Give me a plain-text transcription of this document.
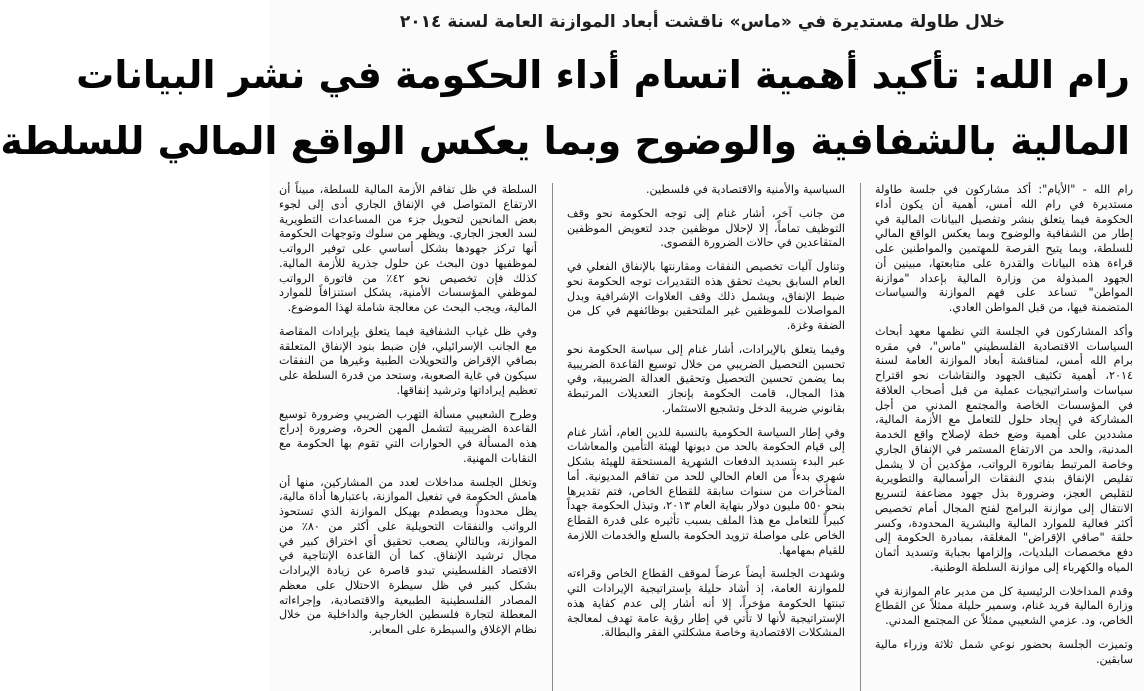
خلال طاولة مستديرة في «ماس» ناقشت أبعاد الموازنة العامة لسنة ٢٠١٤
رام الله: تأكيد أهمية اتسام أداء الحكومة في نشر البيانات
المالية بالشفافية والوضوح وبما يعكس الواقع المالي للسلطة

رام الله - "الأيام": أكد مشاركون في جلسة طاولة مستديرة في رام الله أمس، أهمية أن يكون أداء الحكومة فيما يتعلق بنشر وتفصيل البيانات المالية في إطار من الشفافية والوضوح وبما يعكس الواقع المالي للسلطة، وبما يتيح الفرصة للمهتمين والمواطنين على قراءة هذه البيانات والقدرة على متابعتها، مبينين أن الجهود المبذولة من وزارة المالية بإعداد "موازنة المواطن" تساعد على فهم الموازنة والسياسات المتضمنة فيها، من قبل المواطن العادي.

وأكد المشاركون في الجلسة التي نظمها معهد أبحاث السياسات الاقتصادية الفلسطيني "ماس"، في مقره برام الله أمس، لمناقشة أبعاد الموازنة العامة لسنة ٢٠١٤، أهمية تكثيف الجهود والنقاشات نحو اقتراح سياسات واستراتيجيات عملية من قبل أصحاب العلاقة في المؤسسات الخاصة والمجتمع المدني من أجل المشاركة في إيجاد حلول للتعامل مع الأزمة المالية، مشددين على أهمية وضع خطة لإصلاح واقع الخدمة المدنية، والحد من الارتفاع المستمر في الإنفاق الجاري وخاصة المرتبط بفاتورة الرواتب، مؤكدين أن لا يشمل تقليص الإنفاق بندي النفقات الرأسمالية والتطويرية لتقليص العجز، وضرورة بذل جهود مضاعفة لتسريع الانتقال إلى موازنة البرامج لفتح المجال أمام تخصيص أكثر فعالية للموارد المالية والبشرية المحدودة، وكسر حلقة "صافي الإقراض" المغلقة، بمبادرة الحكومة إلى دفع مخصصات البلديات، وإلزامها بجباية وتسديد أثمان المياه والكهرباء إلى موازنة السلطة الوطنية.

وقدم المداخلات الرئيسية كل من مدير عام الموازنة في وزارة المالية فريد غنام، وسمير حليلة ممثلاً عن القطاع الخاص، ود. عزمي الشعيبي ممثلاً عن المجتمع المدني.

وتميزت الجلسة بحضور نوعي شمل ثلاثة وزراء مالية سابقين.

السياسية والأمنية والاقتصادية في فلسطين.

من جانب آخر، أشار غنام إلى توجه الحكومة نحو وقف التوظيف تماماً، إلا لإحلال موظفين جدد لتعويض الموظفين المتقاعدين في حالات الضرورة القصوى.

وتناول آليات تخصيص النفقات ومقارنتها بالإنفاق الفعلي في العام السابق بحيث تحقق هذه التقديرات توجه الحكومة نحو ضبط الإنفاق، ويشمل ذلك وقف العلاوات الإشرافية وبدل المواصلات للموظفين غير الملتحقين بوظائفهم في كل من الضفة وغزة.

وفيما يتعلق بالإيرادات، أشار غنام إلى سياسة الحكومة نحو تحسين التحصيل الضريبي من خلال توسيع القاعدة الضريبية بما يضمن تحسين التحصيل وتحقيق العدالة الضريبية، وفي هذا المجال، قامت الحكومة بإنجاز التعديلات المرتبطة بقانوني ضريبة الدخل وتشجيع الاستثمار.

وفي إطار السياسة الحكومية بالنسبة للدين العام، أشار غنام إلى قيام الحكومة بالحد من ديونها لهيئة التأمين والمعاشات عبر البدء بتسديد الدفعات الشهرية المستحقة للهيئة بشكل شهري بدءاً من العام الحالي للحد من تفاقم المديونية. أما المتأخرات من سنوات سابقة للقطاع الخاص، فتم تقديرها بنحو ٥٥٠ مليون دولار بنهاية العام ٢٠١٣، وتبذل الحكومة جهداً كبيراً للتعامل مع هذا الملف بسبب تأثيره على قدرة القطاع الخاص على مواصلة تزويد الحكومة بالسلع والخدمات اللازمة للقيام بمهامها.

وشهدت الجلسة أيضاً عرضاً لموقف القطاع الخاص وقراءته للموازنة العامة، إذ أشاد حليلة بإستراتيجية الإيرادات التي تبنتها الحكومة مؤخراً، إلا أنه أشار إلى عدم كفاية هذه الإستراتيجية لأنها لا تأتي في إطار رؤية عامة تهدف لمعالجة المشكلات الاقتصادية وخاصة مشكلتي الفقر والبطالة.

السلطة في ظل تفاقم الأزمة المالية للسلطة، مبيناً أن الارتفاع المتواصل في الإنفاق الجاري أدى إلى لجوء بعض المانحين لتحويل جزء من المساعدات التطويرية لسد العجز الجاري. ويظهر من سلوك وتوجهات الحكومة أنها تركز جهودها بشكل أساسي على توفير الرواتب لموظفيها دون البحث عن حلول جذرية للأزمة المالية. كذلك فإن تخصيص نحو ٤٢٪ من فاتورة الرواتب لموظفي المؤسسات الأمنية، يشكل استنزافاً للموارد المالية، ويجب البحث عن معالجة شاملة لهذا الموضوع.

وفي ظل غياب الشفافية فيما يتعلق بإيرادات المقاصة مع الجانب الإسرائيلي، فإن ضبط بنود الإنفاق المتعلقة بصافي الإقراض والتحويلات الطبية وغيرها من النفقات سيكون في غاية الصعوبة، وستحد من قدرة السلطة على تعظيم إيراداتها وترشيد إنفاقها.

وطرح الشعيبي مسألة التهرب الضريبي وضرورة توسيع القاعدة الضريبية لتشمل المهن الحرة، وضرورة إدراج هذه المسألة في الحوارات التي تقوم بها الحكومة مع النقابات المهنية.

وتخلل الجلسة مداخلات لعدد من المشاركين، منها أن هامش الحكومة في تفعيل الموازنة، باعتبارها أداة مالية، يظل محدوداً ويصطدم بهيكل الموازنة الذي تستحوذ الرواتب والنفقات التحويلية على أكثر من ٨٠٪ من الموازنة، وبالتالي يصعب تحقيق أي اختراق كبير في مجال ترشيد الإنفاق. كما أن القاعدة الإنتاجية في الاقتصاد الفلسطيني تبدو قاصرة عن زيادة الإيرادات بشكل كبير في ظل سيطرة الاحتلال على معظم المصادر الفلسطينية الطبيعية والاقتصادية، وإجراءاته المعطلة لتجارة فلسطين الخارجية والداخلية من خلال نظام الإغلاق والسيطرة على المعابر.
